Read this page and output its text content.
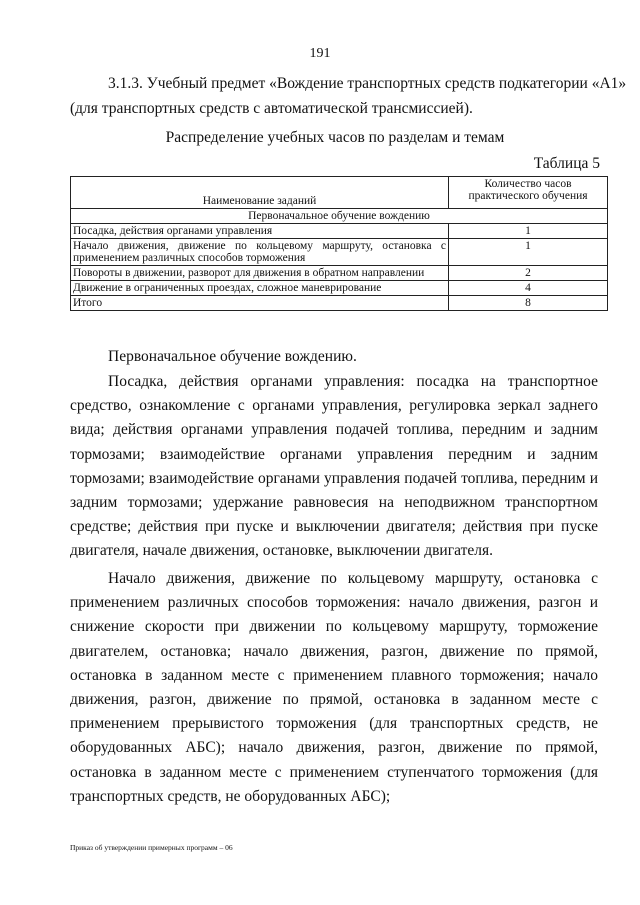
191
3.1.3. Учебный предмет «Вождение транспортных средств подкатегории «А1»
(для транспортных средств с автоматической трансмиссией).
Распределение учебных часов по разделам и темам
Таблица 5
Наименование заданий	Количество часов практического обучения
Первоначальное обучение вождению	
Посадка, действия органами управления	1
Начало движения, движение по кольцевому маршруту, остановка с применением различных способов торможения	1
Повороты в движении, разворот для движения в обратном направлении	2
Движение в ограниченных проездах, сложное маневрирование	4
Итого	8

Первоначальное обучение вождению.

Посадка, действия органами управления: посадка на транспортное средство, ознакомление с органами управления, регулировка зеркал заднего вида; действия органами управления подачей топлива, передним и задним тормозами; взаимодействие органами управления передним и задним тормозами; взаимодействие органами управления подачей топлива, передним и задним тормозами; удержание равновесия на неподвижном транспортном средстве; действия при пуске и выключении двигателя; действия при пуске двигателя, начале движения, остановке, выключении двигателя.

Начало движения, движение по кольцевому маршруту, остановка с применением различных способов торможения: начало движения, разгон и снижение скорости при движении по кольцевому маршруту, торможение двигателем, остановка; начало движения, разгон, движение по прямой, остановка в заданном месте с применением плавного торможения; начало движения, разгон, движение по прямой, остановка в заданном месте с применением прерывистого торможения (для транспортных средств, не оборудованных АБС); начало движения, разгон, движение по прямой, остановка в заданном месте с применением ступенчатого торможения (для транспортных средств, не оборудованных АБС);

Приказ об утверждении примерных программ – 06
